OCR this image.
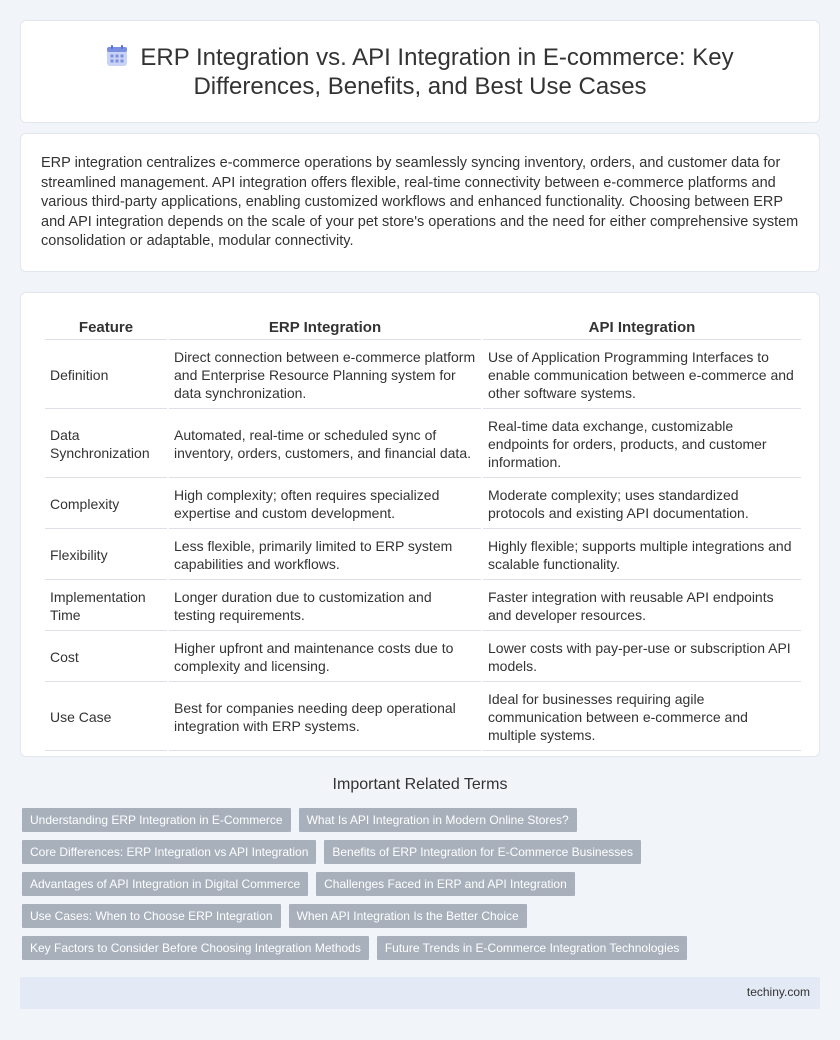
ERP Integration vs. API Integration in E-commerce: Key Differences, Benefits, and Best Use Cases

ERP integration centralizes e-commerce operations by seamlessly syncing inventory, orders, and customer data for streamlined management. API integration offers flexible, real-time connectivity between e-commerce platforms and various third-party applications, enabling customized workflows and enhanced functionality. Choosing between ERP and API integration depends on the scale of your pet store's operations and the need for either comprehensive system consolidation or adaptable, modular connectivity.

Feature	ERP Integration	API Integration
Definition	Direct connection between e-commerce platform and Enterprise Resource Planning system for data synchronization.	Use of Application Programming Interfaces to enable communication between e-commerce and other software systems.
Data Synchronization	Automated, real-time or scheduled sync of inventory, orders, customers, and financial data.	Real-time data exchange, customizable endpoints for orders, products, and customer information.
Complexity	High complexity; often requires specialized expertise and custom development.	Moderate complexity; uses standardized protocols and existing API documentation.
Flexibility	Less flexible, primarily limited to ERP system capabilities and workflows.	Highly flexible; supports multiple integrations and scalable functionality.
Implementation Time	Longer duration due to customization and testing requirements.	Faster integration with reusable API endpoints and developer resources.
Cost	Higher upfront and maintenance costs due to complexity and licensing.	Lower costs with pay-per-use or subscription API models.
Use Case	Best for companies needing deep operational integration with ERP systems.	Ideal for businesses requiring agile communication between e-commerce and multiple systems.
Important Related Terms
Understanding ERP Integration in E-Commerce	What Is API Integration in Modern Online Stores?
Core Differences: ERP Integration vs API Integration	Benefits of ERP Integration for E-Commerce Businesses
Advantages of API Integration in Digital Commerce	Challenges Faced in ERP and API Integration
Use Cases: When to Choose ERP Integration	When API Integration Is the Better Choice
Key Factors to Consider Before Choosing Integration Methods	Future Trends in E-Commerce Integration Technologies
techiny.com
